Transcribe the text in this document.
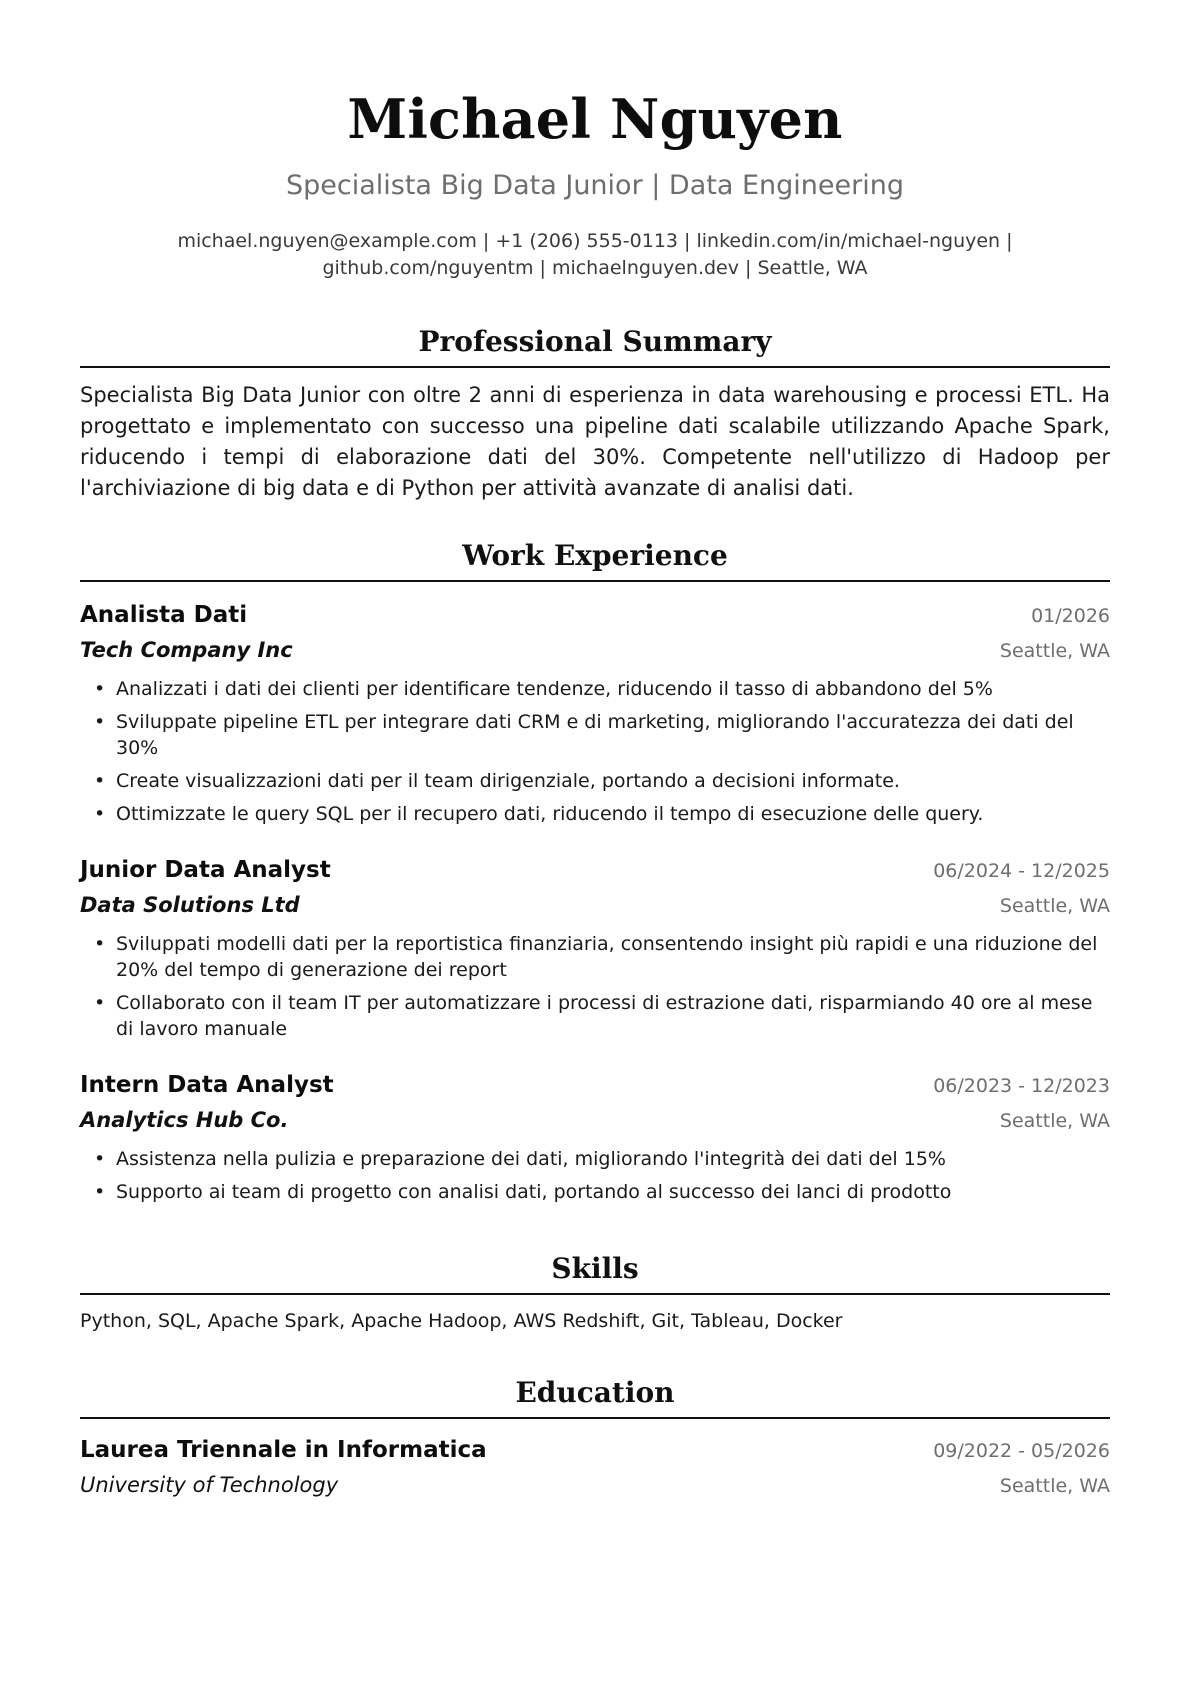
Michael Nguyen
Specialista Big Data Junior | Data Engineering
michael.nguyen@example.com | +1 (206) 555-0113 | linkedin.com/in/michael-nguyen | github.com/nguyentm | michaelnguyen.dev | Seattle, WA
Professional Summary
Specialista Big Data Junior con oltre 2 anni di esperienza in data warehousing e processi ETL. Ha progettato e implementato con successo una pipeline dati scalabile utilizzando Apache Spark, riducendo i tempi di elaborazione dati del 30%. Competente nell'utilizzo di Hadoop per l'archiviazione di big data e di Python per attività avanzate di analisi dati.
Work Experience
Analista Dati	01/2026
Tech Company Inc	Seattle, WA
• Analizzati i dati dei clienti per identificare tendenze, riducendo il tasso di abbandono del 5%
• Sviluppate pipeline ETL per integrare dati CRM e di marketing, migliorando l'accuratezza dei dati del 30%
• Create visualizzazioni dati per il team dirigenziale, portando a decisioni informate.
• Ottimizzate le query SQL per il recupero dati, riducendo il tempo di esecuzione delle query.
Junior Data Analyst	06/2024 - 12/2025
Data Solutions Ltd	Seattle, WA
• Sviluppati modelli dati per la reportistica finanziaria, consentendo insight più rapidi e una riduzione del 20% del tempo di generazione dei report
• Collaborato con il team IT per automatizzare i processi di estrazione dati, risparmiando 40 ore al mese di lavoro manuale
Intern Data Analyst	06/2023 - 12/2023
Analytics Hub Co.	Seattle, WA
• Assistenza nella pulizia e preparazione dei dati, migliorando l'integrità dei dati del 15%
• Supporto ai team di progetto con analisi dati, portando al successo dei lanci di prodotto
Skills
Python, SQL, Apache Spark, Apache Hadoop, AWS Redshift, Git, Tableau, Docker
Education
Laurea Triennale in Informatica	09/2022 - 05/2026
University of Technology	Seattle, WA
